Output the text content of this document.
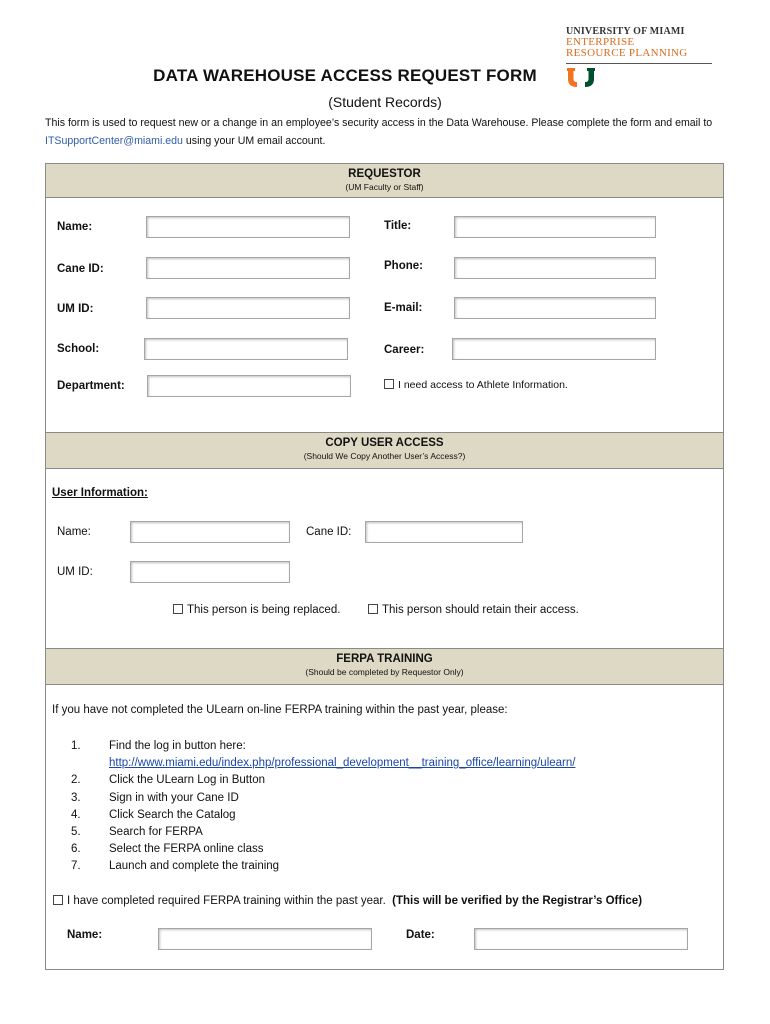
UNIVERSITY OF MIAMI
ENTERPRISE
RESOURCE PLANNING
DATA WAREHOUSE ACCESS REQUEST FORM
(Student Records)
This form is used to request new or a change in an employee’s security access in the Data Warehouse. Please complete the form and email to ITSupportCenter@miami.edu using your UM email account.
REQUESTOR
(UM Faculty or Staff)
Name:	Title:
Cane ID:	Phone:
UM ID:	E-mail:
School:	Career:
Department:	I need access to Athlete Information.
COPY USER ACCESS
(Should We Copy Another User’s Access?)
User Information:
Name:	Cane ID:
UM ID:
This person is being replaced.	This person should retain their access.
FERPA TRAINING
(Should be completed by Requestor Only)
If you have not completed the ULearn on-line FERPA training within the past year, please:
1.	Find the log in button here:
http://www.miami.edu/index.php/professional_development__training_office/learning/ulearn/
2.	Click the ULearn Log in Button
3.	Sign in with your Cane ID
4.	Click Search the Catalog
5.	Search for FERPA
6.	Select the FERPA online class
7.	Launch and complete the training
I have completed required FERPA training within the past year. (This will be verified by the Registrar’s Office)
Name:	Date:
